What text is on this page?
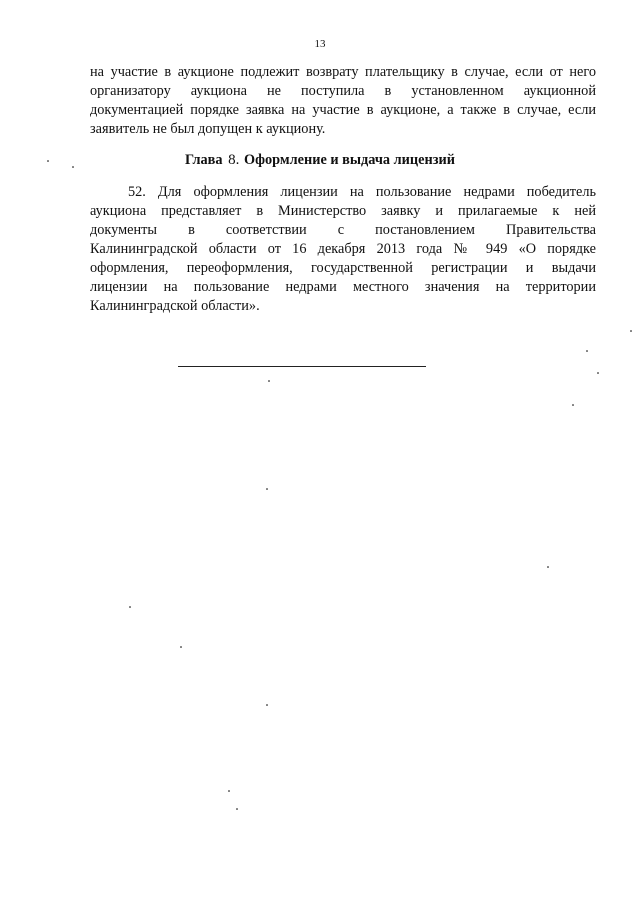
13

на участие в аукционе подлежит возврату плательщику в случае, если от него
организатору аукциона не поступила в установленном аукционной
документацией порядке заявка на участие в аукционе, а также в случае, если
заявитель не был допущен к аукциону.

Глава 8. Оформление и выдача лицензий

52. Для оформления лицензии на пользование недрами победитель
аукциона представляет в Министерство заявку и прилагаемые к ней
документы в соответствии с постановлением Правительства
Калининградской области от 16 декабря 2013 года № 949 «О порядке
оформления, переоформления, государственной регистрации и выдачи
лицензии на пользование недрами местного значения на территории
Калининградской области».
